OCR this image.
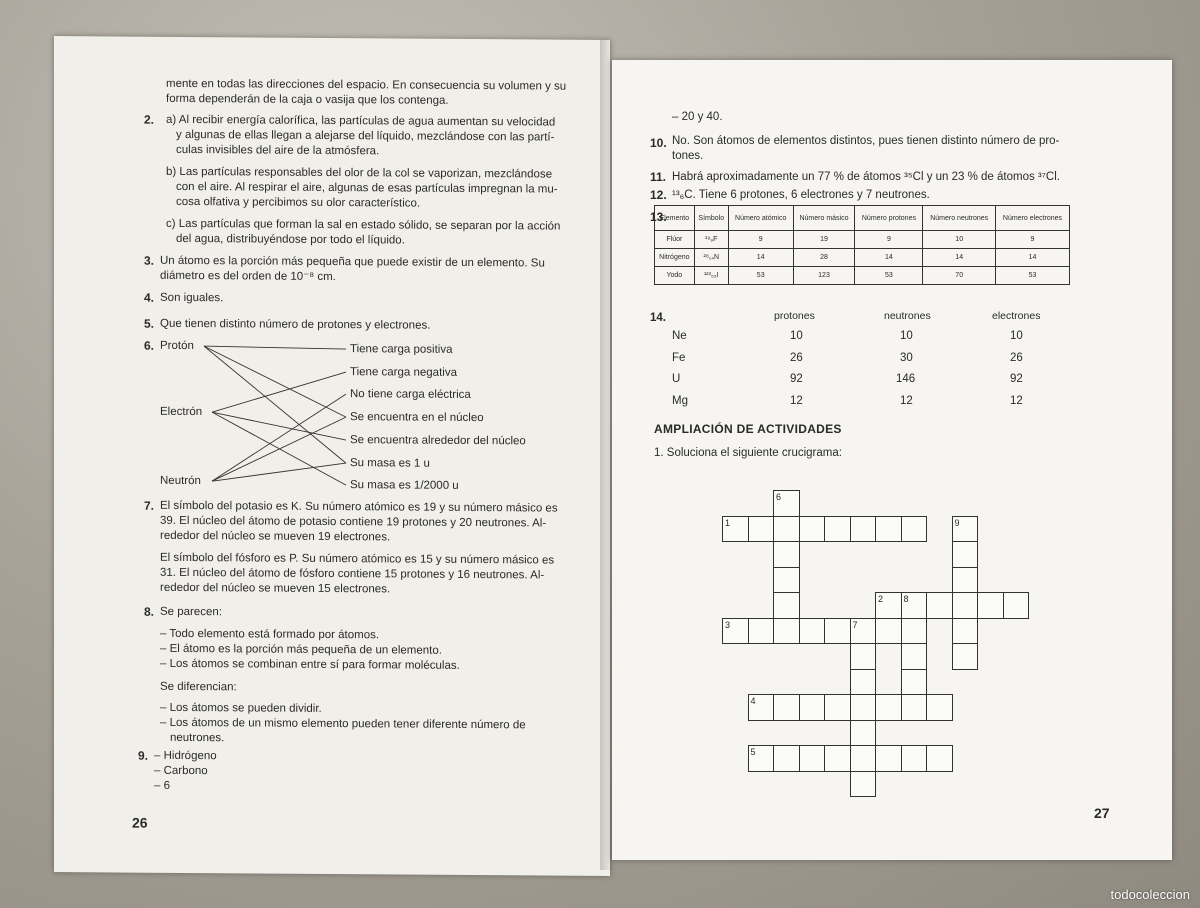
mente en todas las direcciones del espacio. En consecuencia su volumen y su
forma dependerán de la caja o vasija que los contenga.
2. a) Al recibir energía calorífica, las partículas de agua aumentan su velocidad
y algunas de ellas llegan a alejarse del líquido, mezclándose con las partí-
culas invisibles del aire de la atmósfera.
b) Las partículas responsables del olor de la col se vaporizan, mezclándose
con el aire. Al respirar el aire, algunas de esas partículas impregnan la mu-
cosa olfativa y percibimos su olor característico.
c) Las partículas que forman la sal en estado sólido, se separan por la acción
del agua, distribuyéndose por todo el líquido.
3. Un átomo es la porción más pequeña que puede existir de un elemento. Su
diámetro es del orden de 10⁻⁸ cm.
4. Son iguales.
5. Que tienen distinto número de protones y electrones.
6. Protón
Electrón
Neutrón
Tiene carga positiva
Tiene carga negativa
No tiene carga eléctrica
Se encuentra en el núcleo
Se encuentra alrededor del núcleo
Su masa es 1 u
Su masa es 1/2000 u
7. El símbolo del potasio es K. Su número atómico es 19 y su número másico es
39. El núcleo del átomo de potasio contiene 19 protones y 20 neutrones. Al-
rededor del núcleo se mueven 19 electrones.
El símbolo del fósforo es P. Su número atómico es 15 y su número másico es
31. El núcleo del átomo de fósforo contiene 15 protones y 16 neutrones. Al-
rededor del núcleo se mueven 15 electrones.
8. Se parecen:
– Todo elemento está formado por átomos.
– El átomo es la porción más pequeña de un elemento.
– Los átomos se combinan entre sí para formar moléculas.
Se diferencian:
– Los átomos se pueden dividir.
– Los átomos de un mismo elemento pueden tener diferente número de
neutrones.
9. – Hidrógeno
– Carbono
– 6
26
– 20 y 40.
10. No. Son átomos de elementos distintos, pues tienen distinto número de pro-
tones.
11. Habrá aproximadamente un 77 % de átomos ³⁵Cl y un 23 % de átomos ³⁷Cl.
12. ¹³₆C. Tiene 6 protones, 6 electrones y 7 neutrones.
13.
Elemento	Símbolo	Número atómico	Número másico	Número protones	Número neutrones	Número electrones
Flúor	¹⁹₉F	9	19	9	10	9
Nitrógeno	²⁸₁₄N	14	28	14	14	14
Yodo	¹²³₅₃I	53	123	53	70	53
14.	protones	neutrones	electrones
Ne	10	10	10
Fe	26	30	26
U	92	146	92
Mg	12	12	12
AMPLIACIÓN DE ACTIVIDADES
1. Soluciona el siguiente crucigrama:
1
2 8
3	7
4
5
6
9
27
todocoleccion
